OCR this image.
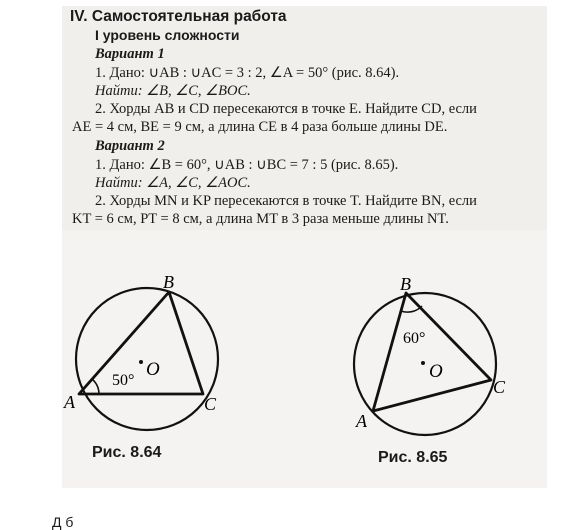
IV. Самостоятельная работа
I уровень сложности
Вариант 1
1. Дано: ∪AB : ∪AC = 3 : 2, ∠A = 50° (рис. 8.64).
Найти: ∠B, ∠C, ∠BOC.
2. Хорды AB и CD пересекаются в точке E. Найдите CD, если
AE = 4 см, BE = 9 см, а длина CE в 4 раза больше длины DE.
Вариант 2
1. Дано: ∠B = 60°, ∪AB : ∪BC = 7 : 5 (рис. 8.65).
Найти: ∠A, ∠C, ∠AOC.
2. Хорды MN и KP пересекаются в точке T. Найдите BN, если
KT = 6 см, PT = 8 см, а длина MT в 3 раза меньше длины NT.
50°
O
B
A	C
60°
O
B
A
C
Рис. 8.64	Рис. 8.65
Д б
